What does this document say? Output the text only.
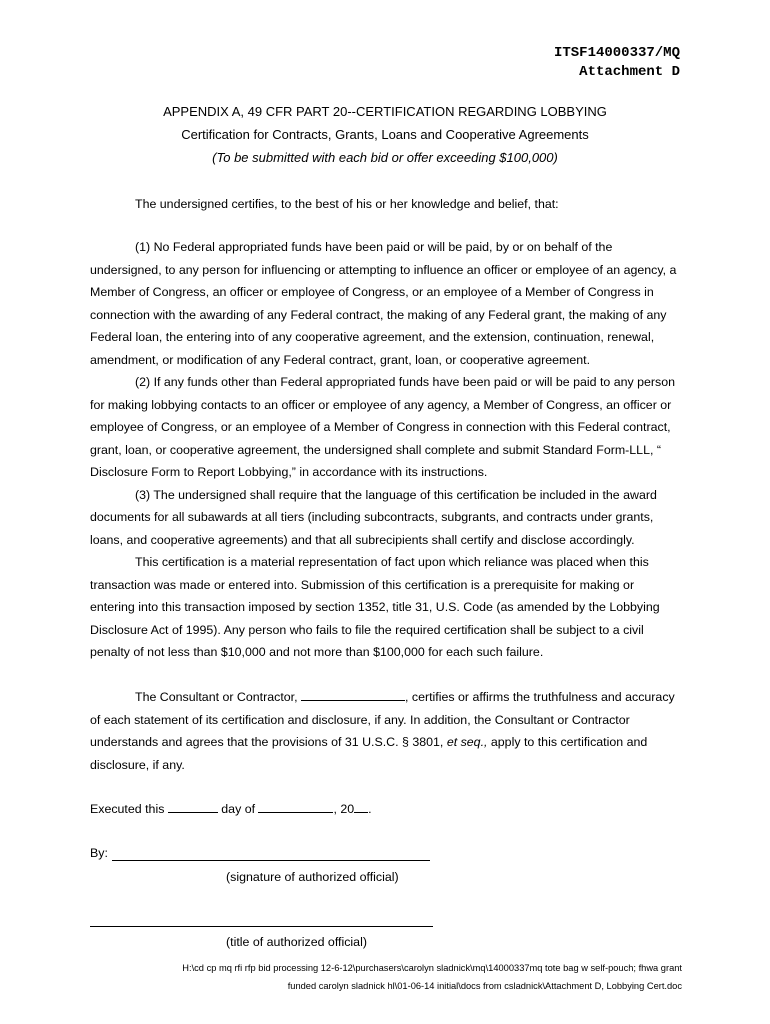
ITSF14000337/MQ
Attachment D
APPENDIX A, 49 CFR PART 20--CERTIFICATION REGARDING LOBBYING
Certification for Contracts, Grants, Loans and Cooperative Agreements
(To be submitted with each bid or offer exceeding $100,000)
The undersigned certifies, to the best of his or her knowledge and belief, that:

(1) No Federal appropriated funds have been paid or will be paid, by or on behalf of the undersigned, to any person for influencing or attempting to influence an officer or employee of an agency, a Member of Congress, an officer or employee of Congress, or an employee of a Member of Congress in connection with the awarding of any Federal contract, the making of any Federal grant, the making of any Federal loan, the entering into of any cooperative agreement, and the extension, continuation, renewal, amendment, or modification of any Federal contract, grant, loan, or cooperative agreement.

(2) If any funds other than Federal appropriated funds have been paid or will be paid to any person for making lobbying contacts to an officer or employee of any agency, a Member of Congress, an officer or employee of Congress, or an employee of a Member of Congress in connection with this Federal contract, grant, loan, or cooperative agreement, the undersigned shall complete and submit Standard Form-LLL, “ Disclosure Form to Report Lobbying,” in accordance with its instructions.

(3) The undersigned shall require that the language of this certification be included in the award documents for all subawards at all tiers (including subcontracts, subgrants, and contracts under grants, loans, and cooperative agreements) and that all subrecipients shall certify and disclose accordingly.

This certification is a material representation of fact upon which reliance was placed when this transaction was made or entered into. Submission of this certification is a prerequisite for making or entering into this transaction imposed by section 1352, title 31, U.S. Code (as amended by the Lobbying Disclosure Act of 1995). Any person who fails to file the required certification shall be subject to a civil penalty of not less than $10,000 and not more than $100,000 for each such failure.

The Consultant or Contractor,	, certifies or affirms the truthfulness and accuracy of each statement of its certification and disclosure, if any. In addition, the Consultant or Contractor understands and agrees that the provisions of 31 U.S.C. § 3801, et seq., apply to this certification and disclosure, if any.

Executed this	day of	, 20 .
By:
(signature of authorized official)
(title of authorized official)
H:\cd cp mq rfi rfp bid processing 12-6-12\purchasers\carolyn sladnick\mq\14000337mq tote bag w self-pouch; fhwa grant
funded carolyn sladnick hl\01-06-14 initial\docs from csladnick\Attachment D, Lobbying Cert.doc
